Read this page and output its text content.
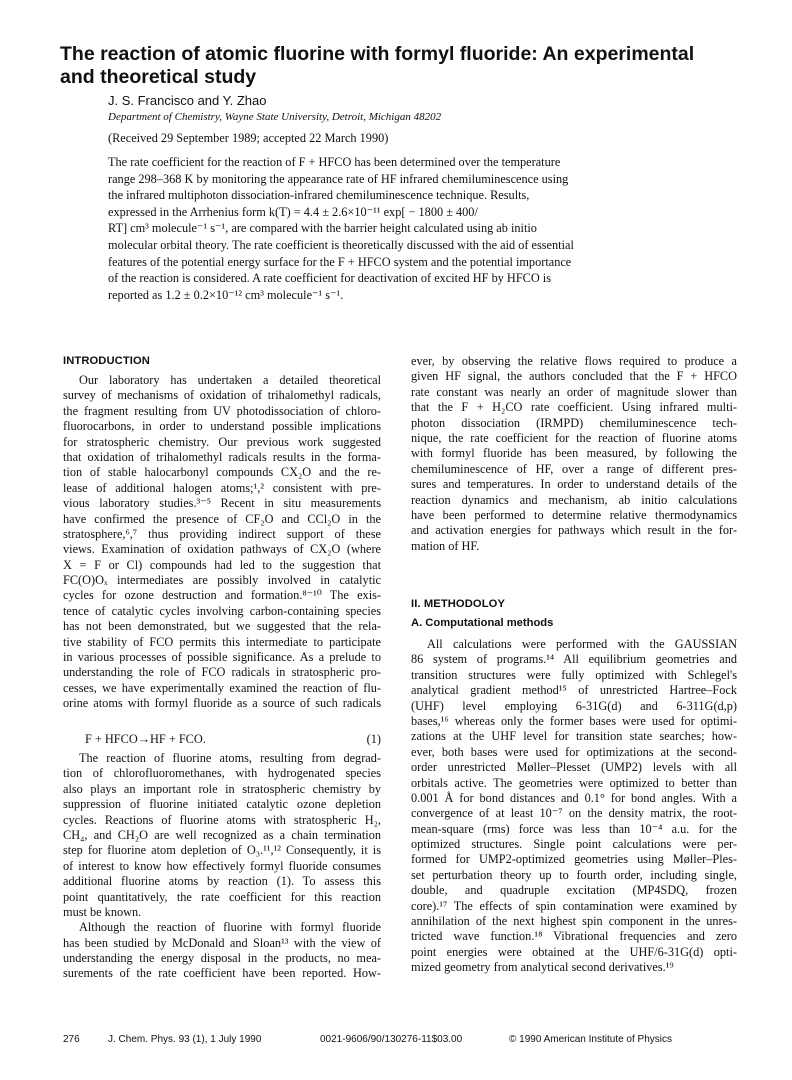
The reaction of atomic fluorine with formyl fluoride: An experimental
and theoretical study
J. S. Francisco and Y. Zhao
Department of Chemistry, Wayne State University, Detroit, Michigan 48202
(Received 29 September 1989; accepted 22 March 1990)
The rate coefficient for the reaction of F + HFCO has been determined over the temperature
range 298–368 K by monitoring the appearance rate of HF infrared chemiluminescence using
the infrared multiphoton dissociation-infrared chemiluminescence technique. Results,
expressed in the Arrhenius form k(T) = 4.4 ± 2.6×10⁻¹¹ exp[ − 1800 ± 400/
RT] cm³ molecule⁻¹ s⁻¹, are compared with the barrier height calculated using ab initio
molecular orbital theory. The rate coefficient is theoretically discussed with the aid of essential
features of the potential energy surface for the F + HFCO system and the potential importance
of the reaction is considered. A rate coefficient for deactivation of excited HF by HFCO is
reported as 1.2 ± 0.2×10⁻¹² cm³ molecule⁻¹ s⁻¹.
INTRODUCTION
Our laboratory has undertaken a detailed theoretical
survey of mechanisms of oxidation of trihalomethyl radicals,
the fragment resulting from UV photodissociation of chloro-
fluorocarbons, in order to understand possible implications
for stratospheric chemistry. Our previous work suggested
that oxidation of trihalomethyl radicals results in the forma-
tion of stable halocarbonyl compounds CX₂O and the re-
lease of additional halogen atoms;¹,² consistent with pre-
vious laboratory studies.³⁻⁵ Recent in situ measurements
have confirmed the presence of CF₂O and CCl₂O in the
stratosphere,⁶,⁷ thus providing indirect support of these
views. Examination of oxidation pathways of CX₂O (where
X = F or Cl) compounds had led to the suggestion that
FC(O)Oₓ intermediates are possibly involved in catalytic
cycles for ozone destruction and formation.⁸⁻¹⁰ The exis-
tence of catalytic cycles involving carbon-containing species
has not been demonstrated, but we suggested that the rela-
tive stability of FCO permits this intermediate to participate
in various processes of possible significance. As a prelude to
understanding the role of FCO radicals in stratospheric pro-
cesses, we have experimentally examined the reaction of flu-
orine atoms with formyl fluoride as a source of such radicals
F + HFCO→HF + FCO.	(1)
The reaction of fluorine atoms, resulting from degrad-
tion of chlorofluoromethanes, with hydrogenated species
also plays an important role in stratospheric chemistry by
suppression of fluorine initiated catalytic ozone depletion
cycles. Reactions of fluorine atoms with stratospheric H₂,
CH₄, and CH₂O are well recognized as a chain termination
step for fluorine atom depletion of O₃.¹¹,¹² Consequently, it is
of interest to know how effectively formyl fluoride consumes
additional fluorine atoms by reaction (1). To assess this
point quantitatively, the rate coefficient for this reaction
must be known.
Although the reaction of fluorine with formyl fluoride
has been studied by McDonald and Sloan¹³ with the view of
understanding the energy disposal in the products, no mea-
surements of the rate coefficient have been reported. How-
ever, by observing the relative flows required to produce a
given HF signal, the authors concluded that the F + HFCO
rate constant was nearly an order of magnitude slower than
that the F + H₂CO rate coefficient. Using infrared multi-
photon dissociation (IRMPD) chemiluminescence tech-
nique, the rate coefficient for the reaction of fluorine atoms
with formyl fluoride has been measured, by following the
chemiluminescence of HF, over a range of different pres-
sures and temperatures. In order to understand details of the
reaction dynamics and mechanism, ab initio calculations
have been performed to determine relative thermodynamics
and activation energies for pathways which result in the for-
mation of HF.
II. METHODOLOY
A. Computational methods
All calculations were performed with the GAUSSIAN
86 system of programs.¹⁴ All equilibrium geometries and
transition structures were fully optimized with Schlegel's
analytical gradient method¹⁵ of unrestricted Hartree–Fock
(UHF) level employing 6-31G(d) and 6-311G(d,p)
bases,¹⁶ whereas only the former bases were used for optimi-
zations at the UHF level for transition state searches; how-
ever, both bases were used for optimizations at the second-
order unrestricted Møller–Plesset (UMP2) levels with all
orbitals active. The geometries were optimized to better than
0.001 Å for bond distances and 0.1° for bond angles. With a
convergence of at least 10⁻⁷ on the density matrix, the root-
mean-square (rms) force was less than 10⁻⁴ a.u. for the
optimized structures. Single point calculations were per-
formed for UMP2-optimized geometries using Møller–Ples-
set perturbation theory up to fourth order, including single,
double, and quadruple excitation (MP4SDQ, frozen
core).¹⁷ The effects of spin contamination were examined by
annihilation of the next highest spin component in the unres-
tricted wave function.¹⁸ Vibrational frequencies and zero
point energies were obtained at the UHF/6-31G(d) opti-
mized geometry from analytical second derivatives.¹⁹
276	J. Chem. Phys. 93 (1), 1 July 1990	0021-9606/90/130276-11$03.00	© 1990 American Institute of Physics
